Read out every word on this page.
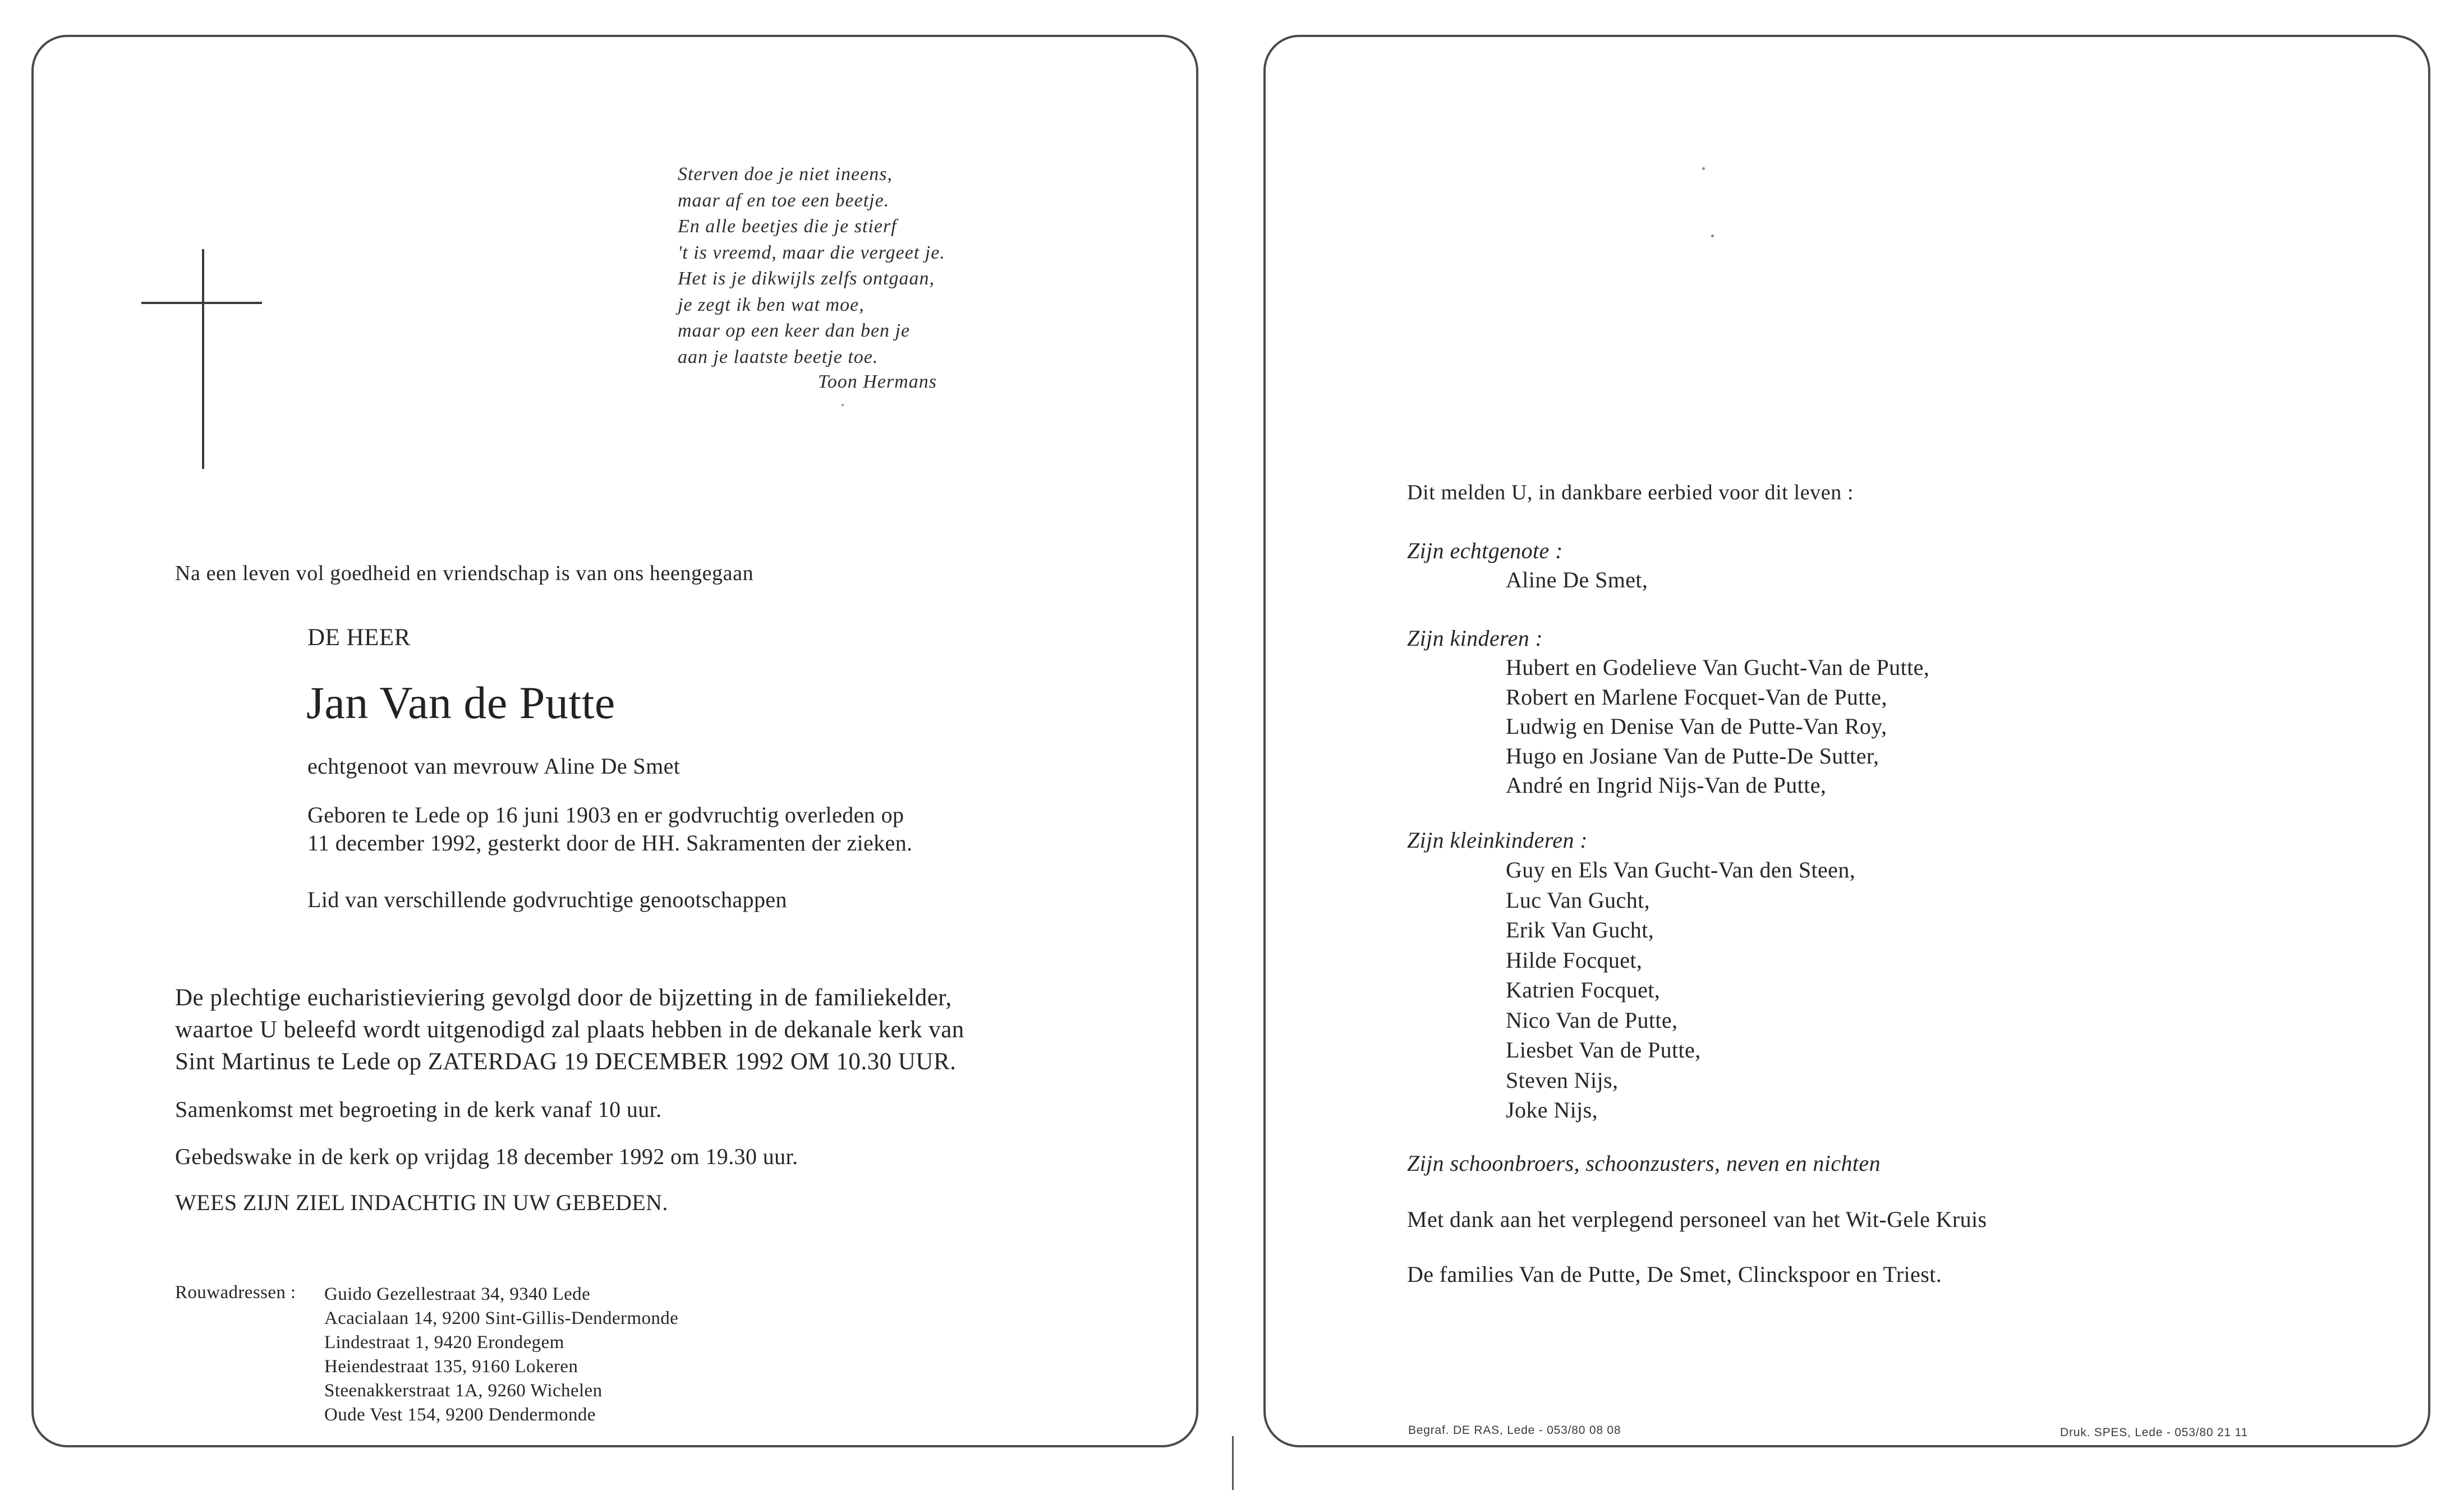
Sterven doe je niet ineens,
maar af en toe een beetje.
En alle beetjes die je stierf
't is vreemd, maar die vergeet je.
Het is je dikwijls zelfs ontgaan,
je zegt ik ben wat moe,
maar op een keer dan ben je
aan je laatste beetje toe.
Toon Hermans
Na een leven vol goedheid en vriendschap is van ons heengegaan
DE HEER
Jan Van de Putte
echtgenoot van mevrouw Aline De Smet
Geboren te Lede op 16 juni 1903 en er godvruchtig overleden op
11 december 1992, gesterkt door de HH. Sakramenten der zieken.
Lid van verschillende godvruchtige genootschappen
De plechtige eucharistieviering gevolgd door de bijzetting in de familiekelder,
waartoe U beleefd wordt uitgenodigd zal plaats hebben in de dekanale kerk van
Sint Martinus te Lede op ZATERDAG 19 DECEMBER 1992 OM 10.30 UUR.
Samenkomst met begroeting in de kerk vanaf 10 uur.
Gebedswake in de kerk op vrijdag 18 december 1992 om 19.30 uur.
WEES ZIJN ZIEL INDACHTIG IN UW GEBEDEN.
Rouwadressen : Guido Gezellestraat 34, 9340 Lede
Acacialaan 14, 9200 Sint-Gillis-Dendermonde
Lindestraat 1, 9420 Erondegem
Heiendestraat 135, 9160 Lokeren
Steenakkerstraat 1A, 9260 Wichelen
Oude Vest 154, 9200 Dendermonde
Dit melden U, in dankbare eerbied voor dit leven :
Zijn echtgenote :
Aline De Smet,
Zijn kinderen :
Hubert en Godelieve Van Gucht-Van de Putte,
Robert en Marlene Focquet-Van de Putte,
Ludwig en Denise Van de Putte-Van Roy,
Hugo en Josiane Van de Putte-De Sutter,
André en Ingrid Nijs-Van de Putte,
Zijn kleinkinderen :
Guy en Els Van Gucht-Van den Steen,
Luc Van Gucht,
Erik Van Gucht,
Hilde Focquet,
Katrien Focquet,
Nico Van de Putte,
Liesbet Van de Putte,
Steven Nijs,
Joke Nijs,
Zijn schoonbroers, schoonzusters, neven en nichten
Met dank aan het verplegend personeel van het Wit-Gele Kruis
De families Van de Putte, De Smet, Clinckspoor en Triest.
Begraf. DE RAS, Lede - 053/80 08 08	Druk. SPES, Lede - 053/80 21 11
